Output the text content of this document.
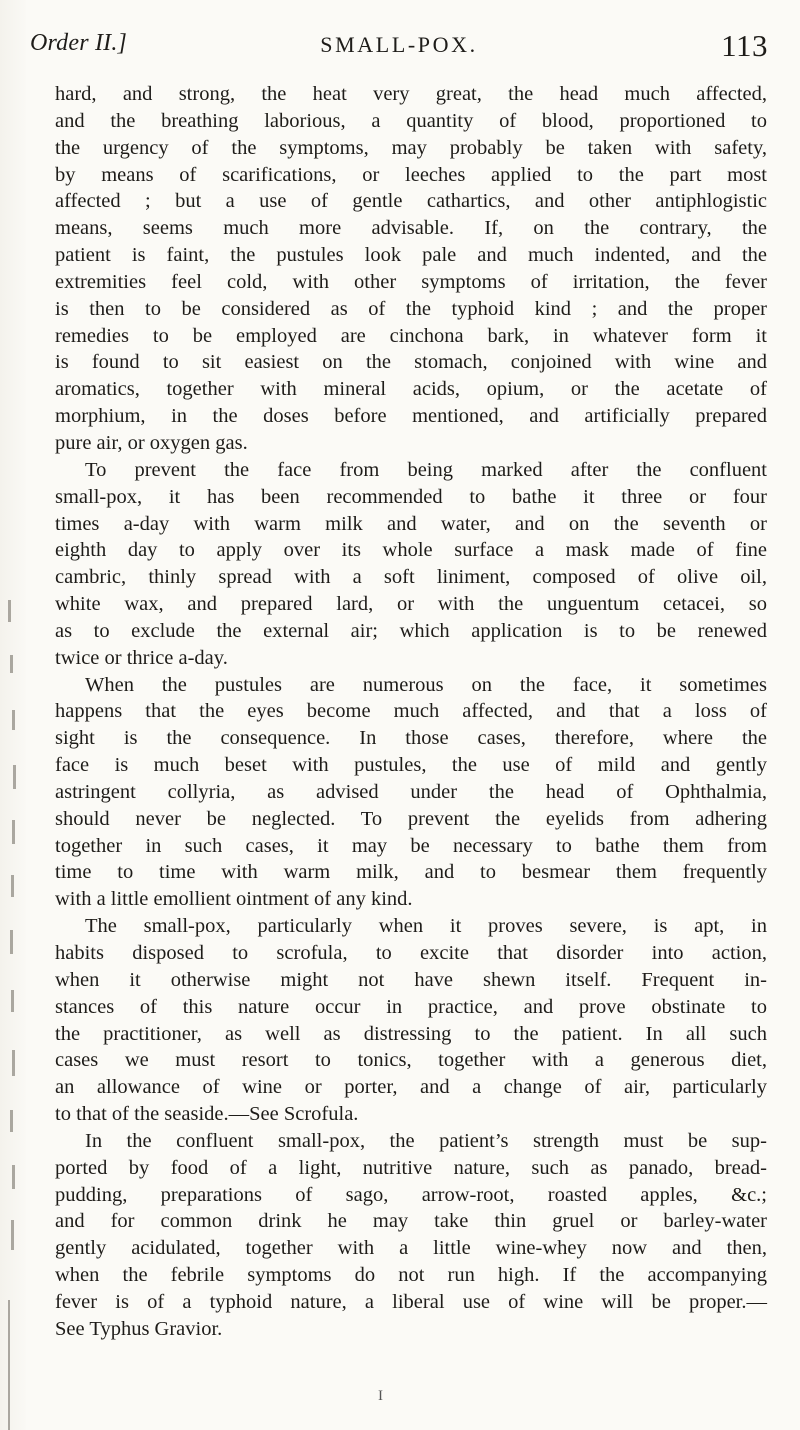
Order II.]	SMALL-POX.	113
hard, and strong, the heat very great, the head much affected,
and the breathing laborious, a quantity of blood, proportioned to
the urgency of the symptoms, may probably be taken with safety,
by means of scarifications, or leeches applied to the part most
affected ; but a use of gentle cathartics, and other antiphlogistic
means, seems much more advisable. If, on the contrary, the
patient is faint, the pustules look pale and much indented, and the
extremities feel cold, with other symptoms of irritation, the fever
is then to be considered as of the typhoid kind ; and the proper
remedies to be employed are cinchona bark, in whatever form it
is found to sit easiest on the stomach, conjoined with wine and
aromatics, together with mineral acids, opium, or the acetate of
morphium, in the doses before mentioned, and artificially prepared
pure air, or oxygen gas.
To prevent the face from being marked after the confluent
small-pox, it has been recommended to bathe it three or four
times a-day with warm milk and water, and on the seventh or
eighth day to apply over its whole surface a mask made of fine
cambric, thinly spread with a soft liniment, composed of olive oil,
white wax, and prepared lard, or with the unguentum cetacei, so
as to exclude the external air; which application is to be renewed
twice or thrice a-day.
When the pustules are numerous on the face, it sometimes
happens that the eyes become much affected, and that a loss of
sight is the consequence. In those cases, therefore, where the
face is much beset with pustules, the use of mild and gently
astringent collyria, as advised under the head of Ophthalmia,
should never be neglected. To prevent the eyelids from adhering
together in such cases, it may be necessary to bathe them from
time to time with warm milk, and to besmear them frequently
with a little emollient ointment of any kind.
The small-pox, particularly when it proves severe, is apt, in
habits disposed to scrofula, to excite that disorder into action,
when it otherwise might not have shewn itself. Frequent in-
stances of this nature occur in practice, and prove obstinate to
the practitioner, as well as distressing to the patient. In all such
cases we must resort to tonics, together with a generous diet,
an allowance of wine or porter, and a change of air, particularly
to that of the seaside.—See Scrofula.
In the confluent small-pox, the patient’s strength must be sup-
ported by food of a light, nutritive nature, such as panado, bread-
pudding, preparations of sago, arrow-root, roasted apples, &c.;
and for common drink he may take thin gruel or barley-water
gently acidulated, together with a little wine-whey now and then,
when the febrile symptoms do not run high. If the accompanying
fever is of a typhoid nature, a liberal use of wine will be proper.—
See Typhus Gravior.
I
